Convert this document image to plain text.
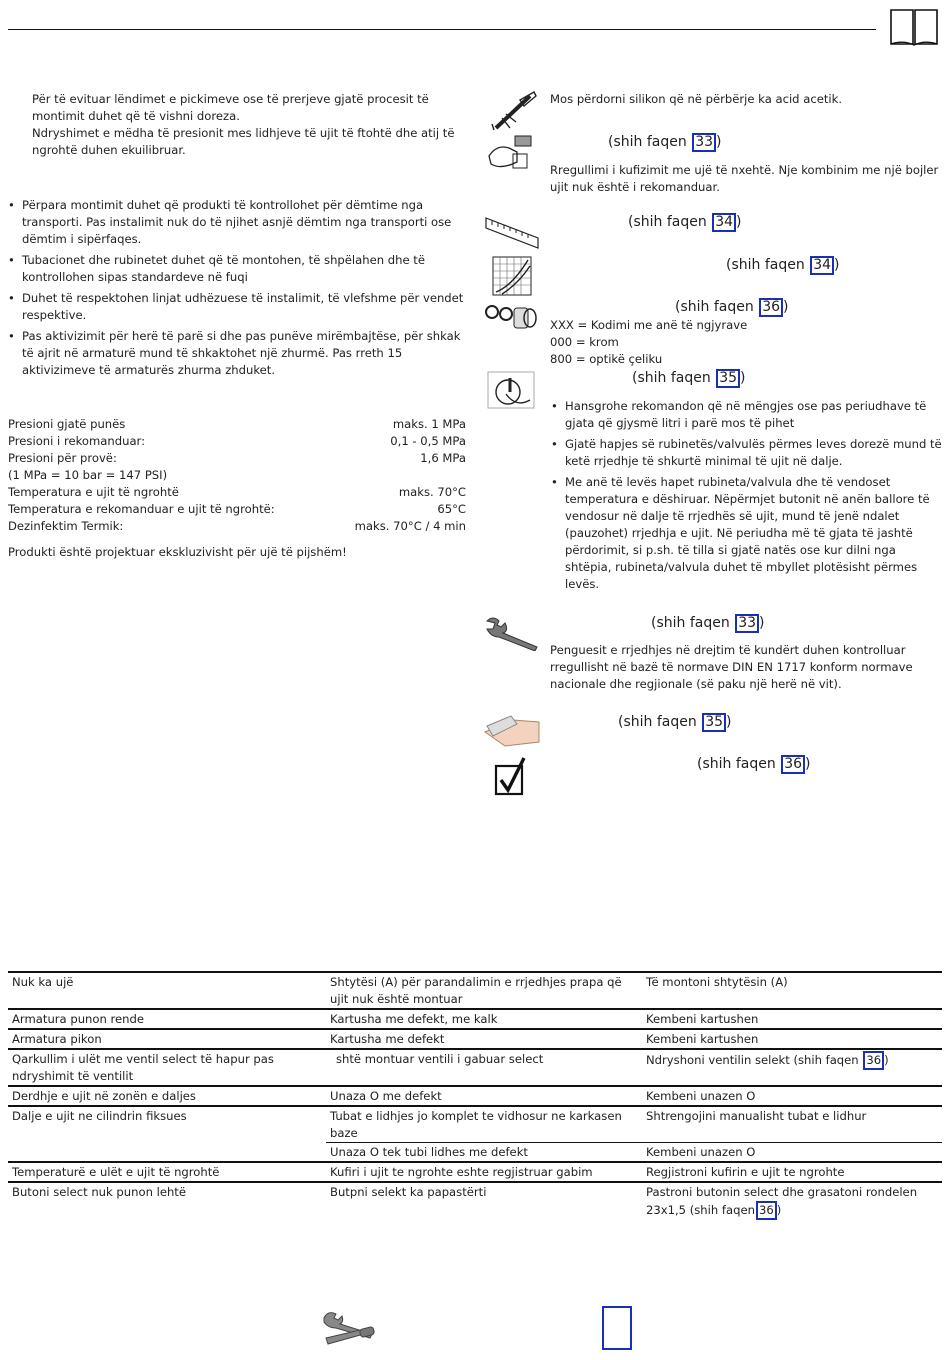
Për të evituar lëndimet e pickimeve ose të prerjeve gjatë procesit të montimit duhet që të vishni doreza.
Ndryshimet e mëdha të presionit mes lidhjeve të ujit të ftohtë dhe atij të ngrohtë duhen ekuilibruar.
• Përpara montimit duhet që produkti të kontrollohet për dëmtime nga transporti. Pas instalimit nuk do të njihet asnjë dëmtim nga transporti ose dëmtim i sipërfaqes.
• Tubacionet dhe rubinetet duhet që të montohen, të shpëlahen dhe të kontrollohen sipas standardeve në fuqi
• Duhet të respektohen linjat udhëzuese të instalimit, të vlefshme për vendet respektive.
• Pas aktivizimit për herë të parë si dhe pas punëve mirëmbajtëse, për shkak të ajrit në armaturë mund të shkaktohet një zhurmë. Pas rreth 15 aktivizimeve të armaturës zhurma zhduket.
Presioni gjatë punës	maks. 1 MPa
Presioni i rekomanduar:	0,1 - 0,5 MPa
Presioni për provë:	1,6 MPa
(1 MPa = 10 bar = 147 PSI)
Temperatura e ujit të ngrohtë	maks. 70°C
Temperatura e rekomanduar e ujit të ngrohtë:	65°C
Dezinfektim Termik:	maks. 70°C / 4 min
Produkti është projektuar ekskluzivisht për ujë të pijshëm!
Mos përdorni silikon që në përbërje ka acid acetik.
(shih faqen 33 )
Rregullimi i kufizimit me ujë të nxehtë. Nje kombinim me një bojler ujit nuk është i rekomanduar.
(shih faqen 34 )
(shih faqen 34 )
(shih faqen 36 )
XXX = Kodimi me anë të ngjyrave
000 = krom
800 = optikë çeliku
(shih faqen 35 )
• Hansgrohe rekomandon që në mëngjes ose pas periudhave të gjata që gjysmë litri i parë mos të pihet
• Gjatë hapjes së rubinetës/valvulës përmes leves dorezë mund të ketë rrjedhje të shkurtë minimal të ujit në dalje.
• Me anë të levës hapet rubineta/valvula dhe të vendoset temperatura e dëshiruar. Nëpërmjet butonit në anën ballore të vendosur në dalje të rrjedhës së ujit, mund të jenë ndalet (pauzohet) rrjedhja e ujit. Në periudha më të gjata të jashtë përdorimit, si p.sh. të tilla si gjatë natës ose kur dilni nga shtëpia, rubineta/valvula duhet të mbyllet plotësisht përmes levës.
(shih faqen 33 )
Penguesit e rrjedhjes në drejtim të kundërt duhen kontrolluar rregullisht në bazë të normave DIN EN 1717 konform normave nacionale dhe regjionale (së paku një herë në vit).
(shih faqen 35 )
(shih faqen 36 )
Nuk ka ujë	Shtytësi (A) për parandalimin e rrjedhjes prapa që ujit nuk është montuar	Të montoni shtytësin (A)
Armatura punon rende	Kartusha me defekt, me kalk	Kembeni kartushen
Armatura pikon	Kartusha me defekt	Kembeni kartushen
Qarkullim i ulët me ventil select të hapur pas ndryshimit të ventilit	shtë montuar ventili i gabuar select	Ndryshoni ventilin selekt (shih faqen 36 )
Derdhje e ujit në zonën e daljes	Unaza O me defekt	Kembeni unazen O
Dalje e ujit ne cilindrin fiksues	Tubat e lidhjes jo komplet te vidhosur ne karkasen baze	Shtrengojini manualisht tubat e lidhur
	Unaza O tek tubi lidhes me defekt	Kembeni unazen O
Temperaturë e ulët e ujit të ngrohtë	Kufiri i ujit te ngrohte eshte regjistruar gabim	Regjistroni kufirin e ujit te ngrohte
Butoni select nuk punon lehtë	Butpni selekt ka papastërti	Pastroni butonin select dhe grasatoni rondelen 23x1,5 (shih faqen 36 )
